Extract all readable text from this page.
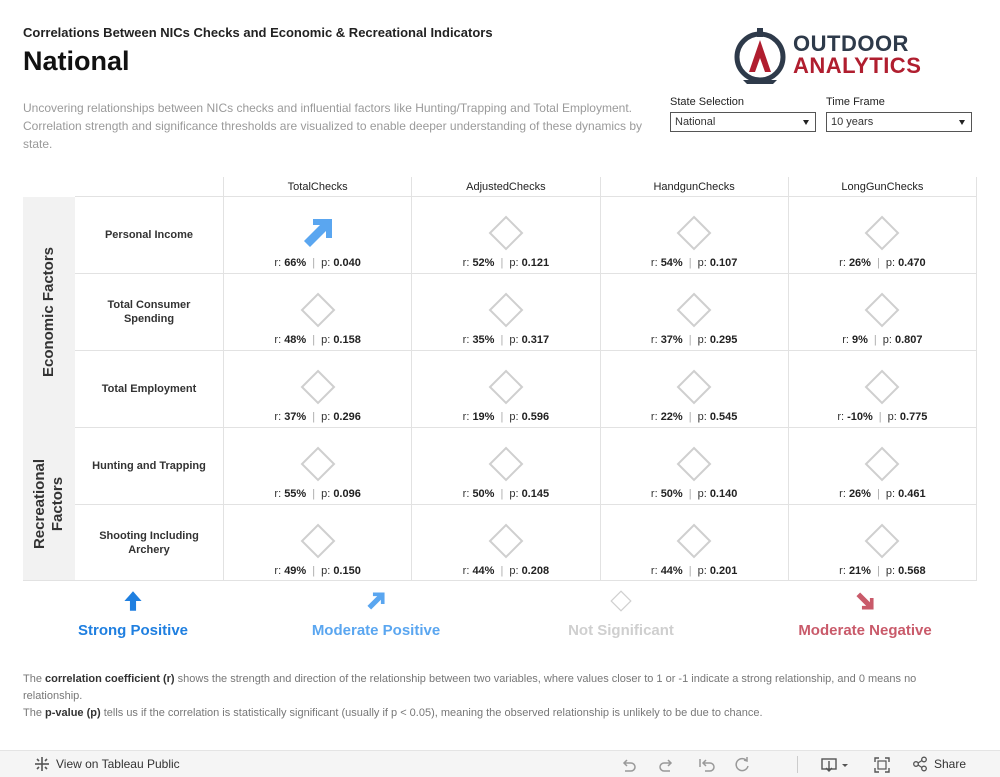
Correlations Between NICs Checks and Economic & Recreational Indicators
National
Uncovering relationships between NICs checks and influential factors like Hunting/Trapping and Total Employment. Correlation strength and significance thresholds are visualized to enable deeper understanding of these dynamics by state.
OUTDOOR
ANALYTICS
State Selection
National
Time Frame
10 years
TotalChecks	AdjustedChecks	HandgunChecks	LongGunChecks
Economic Factors
Recreational
Factors
Personal Income
r: 66% | p: 0.040	r: 52% | p: 0.121	r: 54% | p: 0.107	r: 26% | p: 0.470
Total Consumer Spending
r: 48% | p: 0.158	r: 35% | p: 0.317	r: 37% | p: 0.295	r: 9% | p: 0.807
Total Employment
r: 37% | p: 0.296	r: 19% | p: 0.596	r: 22% | p: 0.545	r: -10% | p: 0.775
Hunting and Trapping
r: 55% | p: 0.096	r: 50% | p: 0.145	r: 50% | p: 0.140	r: 26% | p: 0.461
Shooting Including Archery
r: 49% | p: 0.150	r: 44% | p: 0.208	r: 44% | p: 0.201	r: 21% | p: 0.568
Strong Positive	Moderate Positive	Not Significant	Moderate Negative
The correlation coefficient (r) shows the strength and direction of the relationship between two variables, where values closer to 1 or -1 indicate a strong relationship, and 0 means no relationship.
The p-value (p) tells us if the correlation is statistically significant (usually if p < 0.05), meaning the observed relationship is unlikely to be due to chance.
View on Tableau Public	Share
